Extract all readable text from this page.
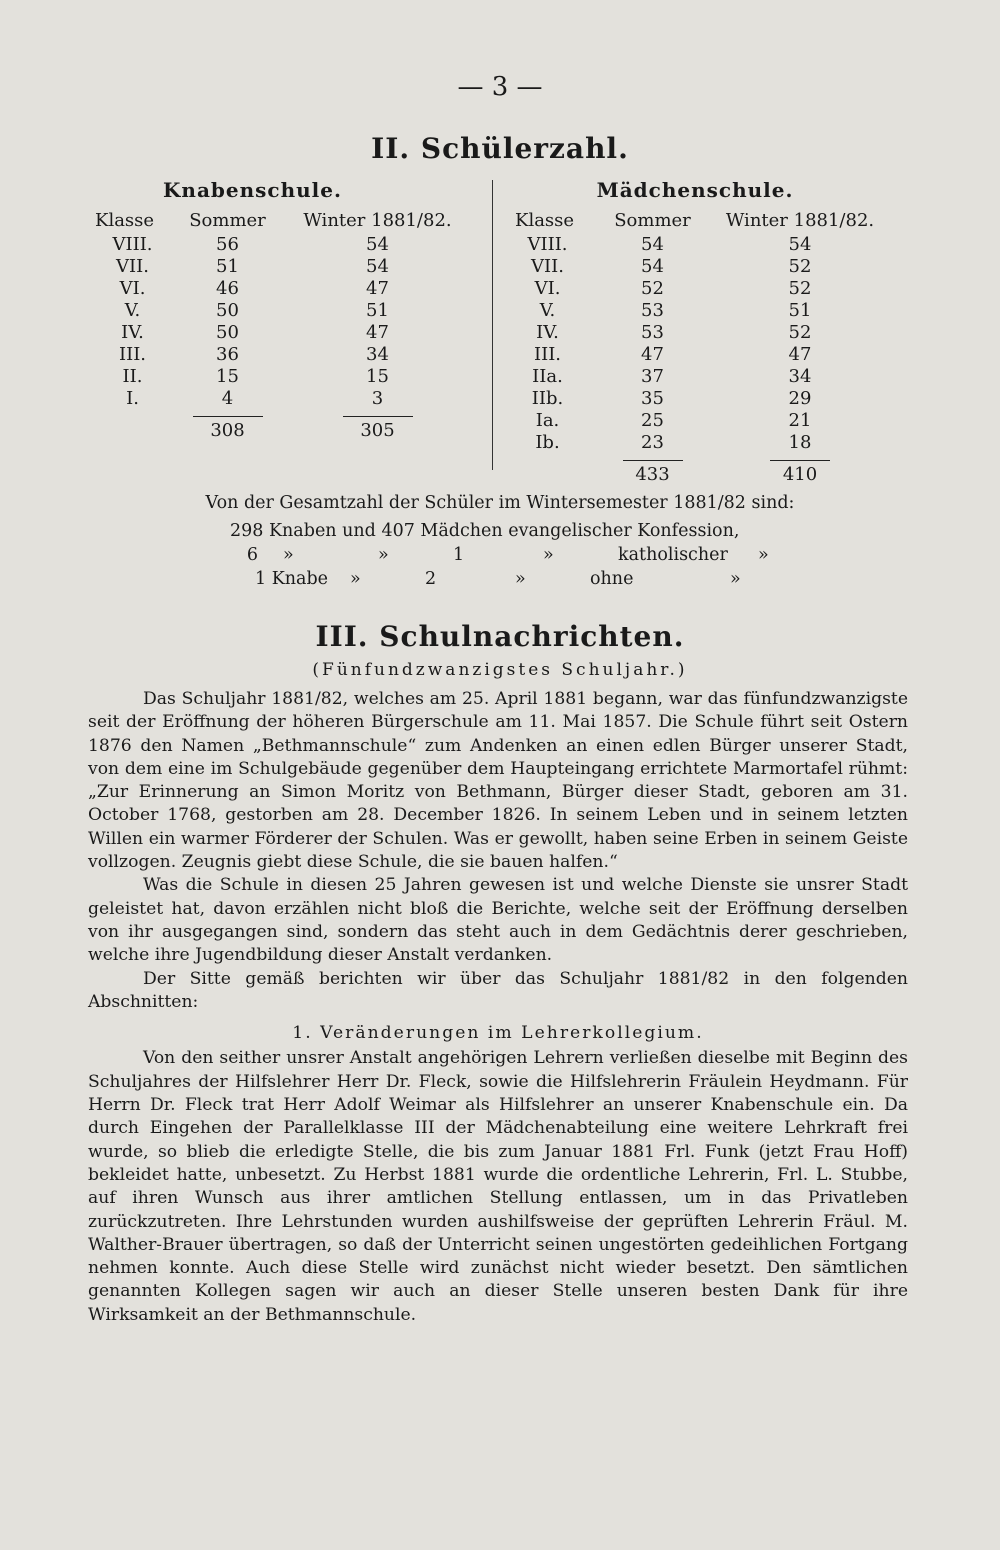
— 3 —
II. Schülerzahl.
Knabenschule.
Klasse	Sommer	Winter 1881/82.
VIII.	56	54
VII.	51	54
VI.	46	47
V.	50	51
IV.	50	47
III.	36	34
II.	15	15
I.	4	3
308	305
Mädchenschule.
Klasse	Sommer	Winter 1881/82.
VIII.	54	54
VII.	54	52
VI.	52	52
V.	53	51
IV.	53	52
III.	47	47
IIa.	37	34
IIb.	35	29
Ia.	25	21
Ib.	23	18
433	410
Von der Gesamtzahl der Schüler im Wintersemester 1881/82 sind:
298 Knaben und 407 Mädchen evangelischer Konfession,
6	»	»	1	»	katholischer	»
1 Knabe	»	2	»	ohne	»
III. Schulnachrichten.
(Fünfundzwanzigstes Schuljahr.)

Das Schuljahr 1881/82, welches am 25. April 1881 begann, war das fünfundzwanzigste seit der Eröffnung der höheren Bürgerschule am 11. Mai 1857. Die Schule führt seit Ostern 1876 den Namen „Bethmannschule“ zum Andenken an einen edlen Bürger unserer Stadt, von dem eine im Schulgebäude gegenüber dem Haupteingang errichtete Marmortafel rühmt: „Zur Erinnerung an Simon Moritz von Bethmann, Bürger dieser Stadt, geboren am 31. October 1768, gestorben am 28. December 1826. In seinem Leben und in seinem letzten Willen ein warmer Förderer der Schulen. Was er gewollt, haben seine Erben in seinem Geiste vollzogen. Zeugnis giebt diese Schule, die sie bauen halfen.“

Was die Schule in diesen 25 Jahren gewesen ist und welche Dienste sie unsrer Stadt geleistet hat, davon erzählen nicht bloß die Berichte, welche seit der Eröffnung derselben von ihr ausgegangen sind, sondern das steht auch in dem Gedächtnis derer geschrieben, welche ihre Jugendbildung dieser Anstalt verdanken.

Der Sitte gemäß berichten wir über das Schuljahr 1881/82 in den folgenden Abschnitten:

1. Veränderungen im Lehrerkollegium.

Von den seither unsrer Anstalt angehörigen Lehrern verließen dieselbe mit Beginn des Schuljahres der Hilfslehrer Herr Dr. Fleck, sowie die Hilfslehrerin Fräulein Heydmann. Für Herrn Dr. Fleck trat Herr Adolf Weimar als Hilfslehrer an unserer Knabenschule ein. Da durch Eingehen der Parallelklasse III der Mädchenabteilung eine weitere Lehrkraft frei wurde, so blieb die erledigte Stelle, die bis zum Januar 1881 Frl. Funk (jetzt Frau Hoff) bekleidet hatte, unbesetzt. Zu Herbst 1881 wurde die ordentliche Lehrerin, Frl. L. Stubbe, auf ihren Wunsch aus ihrer amtlichen Stellung entlassen, um in das Privatleben zurückzutreten. Ihre Lehrstunden wurden aushilfsweise der geprüften Lehrerin Fräul. M. Walther-Brauer übertragen, so daß der Unterricht seinen ungestörten gedeihlichen Fortgang nehmen konnte. Auch diese Stelle wird zunächst nicht wieder besetzt. Den sämtlichen genannten Kollegen sagen wir auch an dieser Stelle unseren besten Dank für ihre Wirksamkeit an der Bethmannschule.
